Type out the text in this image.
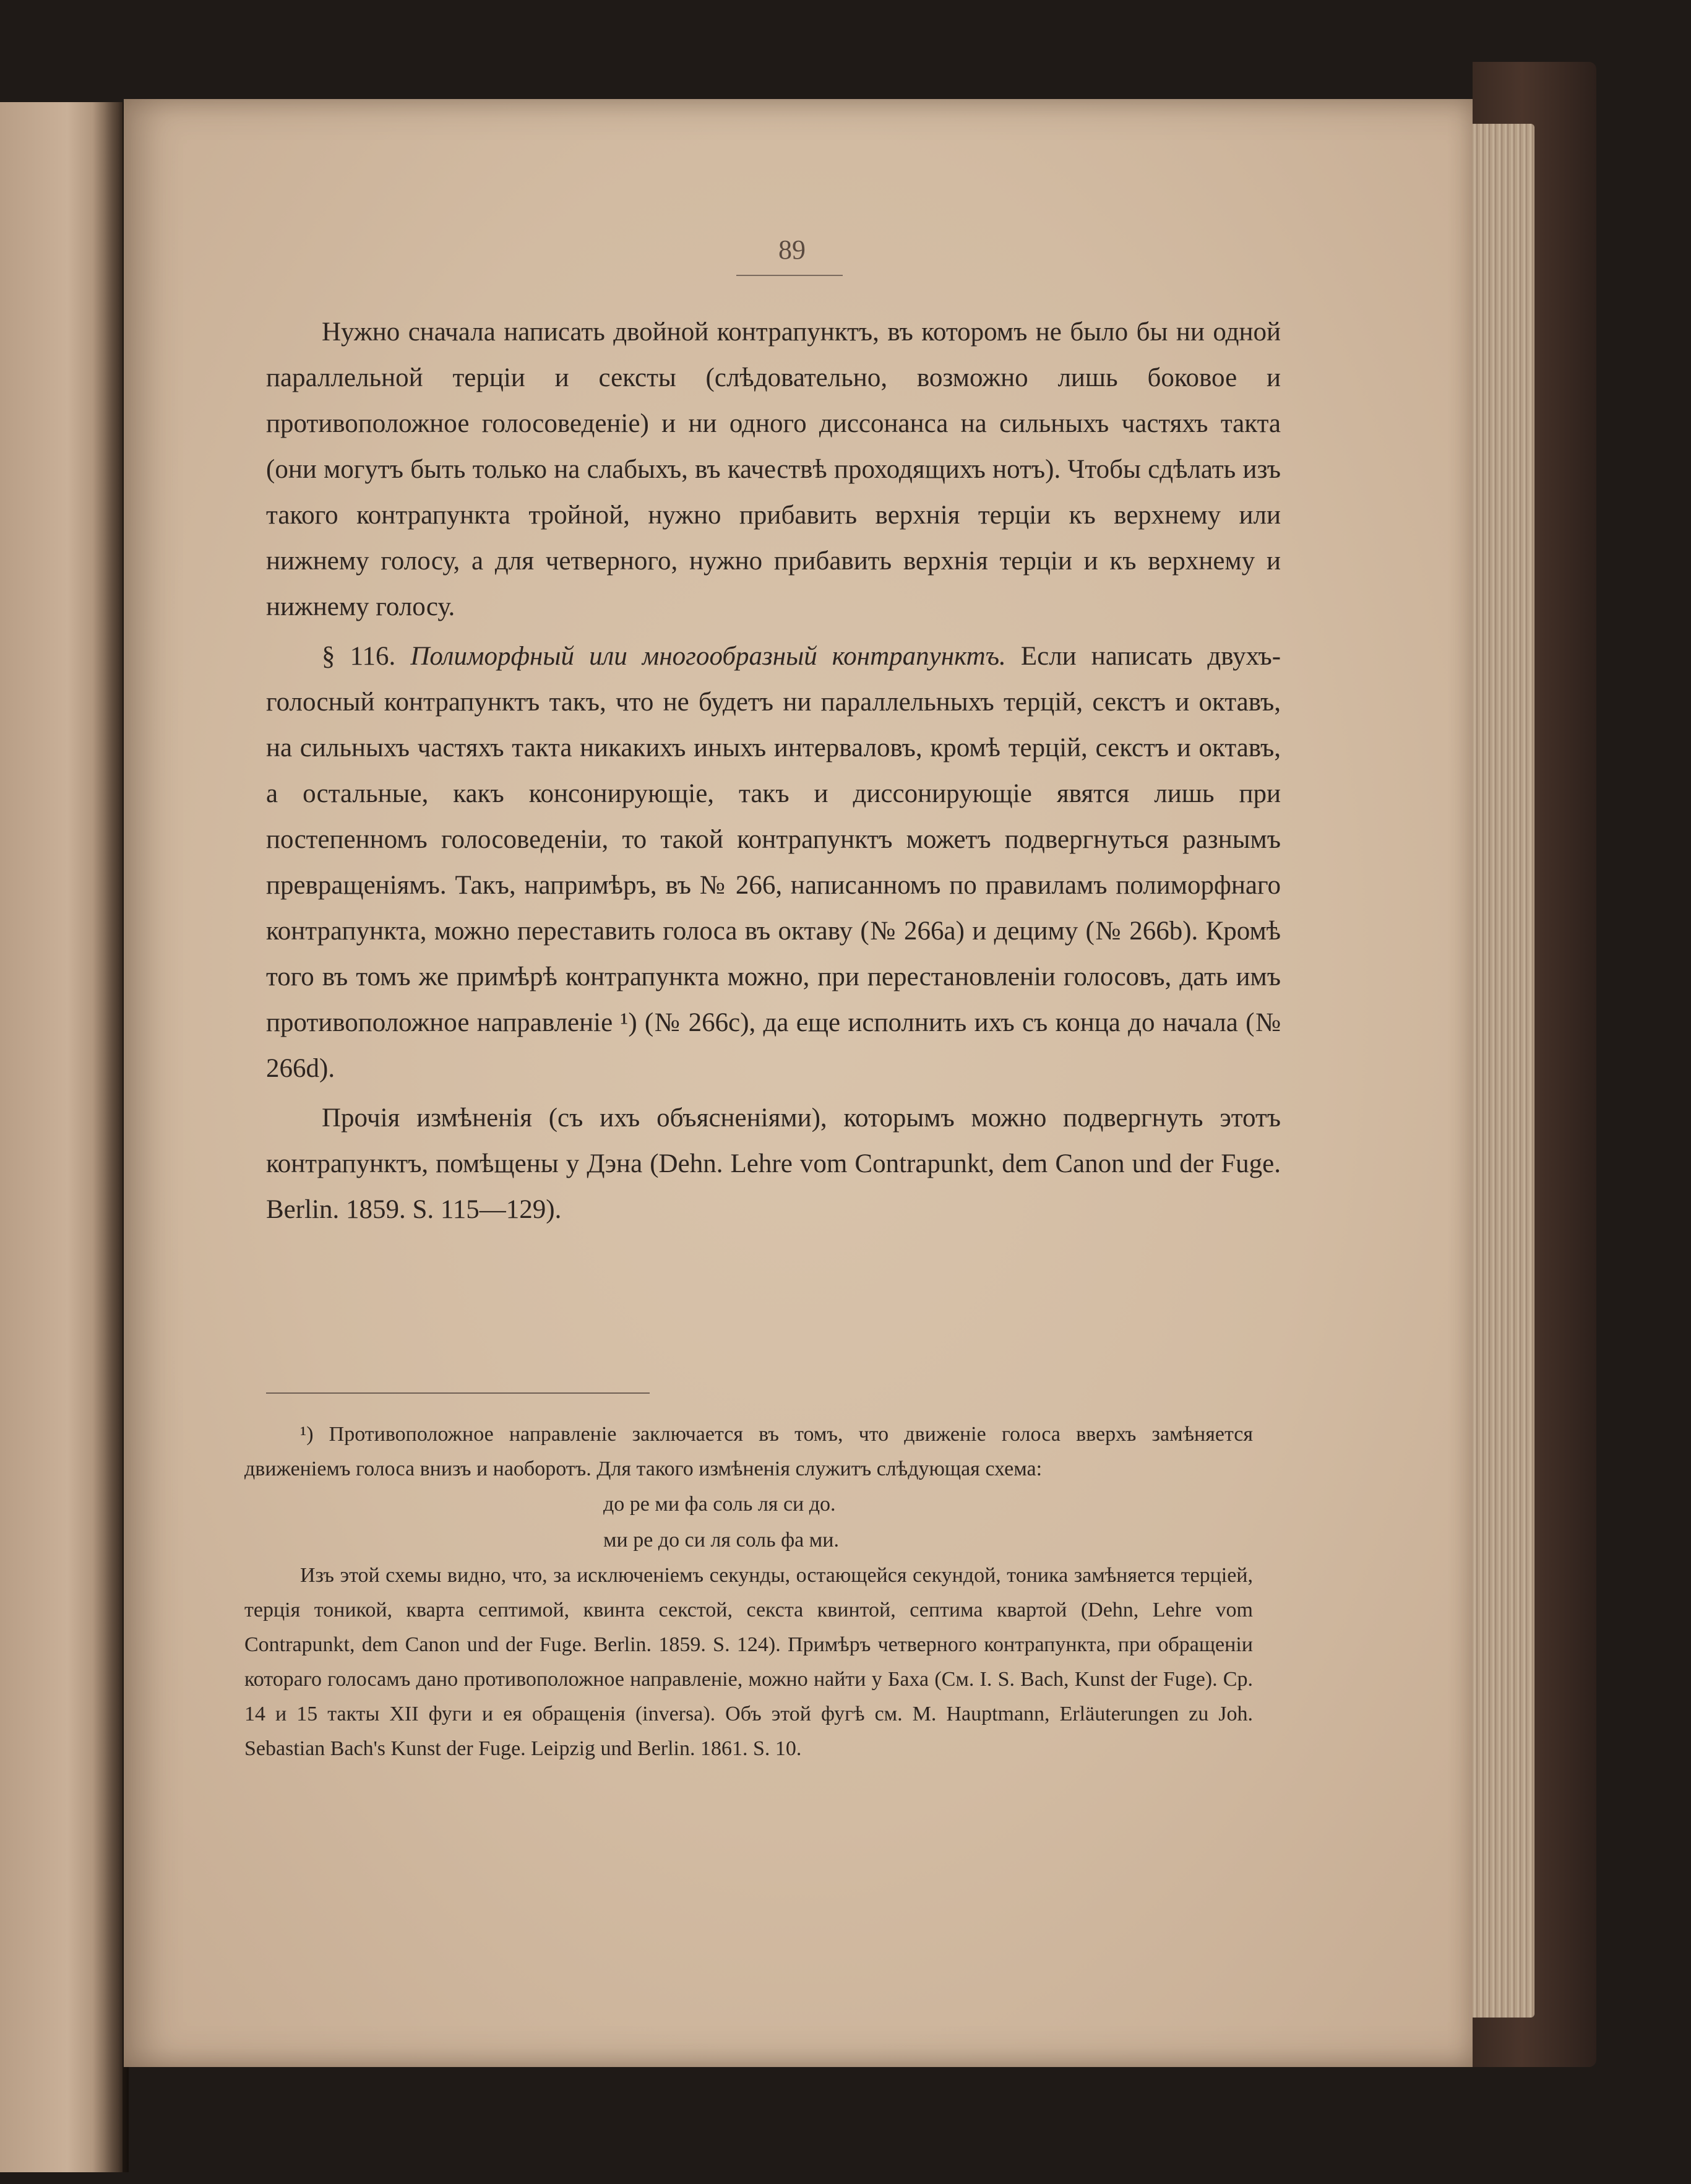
89

Нужно сначала написать двойной контрапунктъ, въ которомъ не было бы ни одной параллельной терціи и сексты (слѣдовательно, возможно лишь боковое и противоположное голосоведеніе) и ни одного диссонанса на сильныхъ частяхъ такта (они могутъ быть только на слабыхъ, въ качествѣ проходящихъ нотъ). Чтобы сдѣлать изъ такого контрапункта тройной, нужно прибавить верхнія терціи къ верхнему или нижнему голосу, а для четверного, нужно прибавить верхнія терціи и къ верхнему и нижнему голосу.

§ 116. Полиморфный или многообразный контрапунктъ. Если написать двухъ-голосный контрапунктъ такъ, что не будетъ ни параллельныхъ терцій, секстъ и октавъ, на сильныхъ частяхъ такта никакихъ иныхъ интерваловъ, кромѣ терцій, секстъ и октавъ, а остальные, какъ консонирующіе, такъ и диссонирующіе явятся лишь при постепенномъ голосоведеніи, то такой контрапунктъ можетъ подвергнуться разнымъ превращеніямъ. Такъ, напримѣръ, въ № 266, написанномъ по правиламъ полиморфнаго контрапункта, можно переставить голоса въ октаву (№ 266a) и дециму (№ 266b). Кромѣ того въ томъ же примѣрѣ контрапункта можно, при перестановленіи голосовъ, дать имъ противоположное направленіе ¹) (№ 266c), да еще исполнить ихъ съ конца до начала (№ 266d).

Прочія измѣненія (съ ихъ объясненіями), которымъ можно подвергнуть этотъ контрапунктъ, помѣщены у Дэна (Dehn. Lehre vom Contrapunkt, dem Canon und der Fuge. Berlin. 1859. S. 115—129).

¹) Противоположное направленіе заключается въ томъ, что движеніе голоса вверхъ замѣняется движеніемъ голоса внизъ и наоборотъ. Для такого измѣненія служитъ слѣдующая схема:

до ре ми фа соль ля си до.

ми ре до си ля соль фа ми.

Изъ этой схемы видно, что, за исключеніемъ секунды, остающейся секундой, тоника замѣняется терціей, терція тоникой, кварта септимой, квинта секстой, секста квинтой, септима квартой (Dehn, Lehre vom Contrapunkt, dem Canon und der Fuge. Berlin. 1859. S. 124). Примѣръ четверного контрапункта, при обращеніи котораго голосамъ дано противоположное направленіе, можно найти у Баха (См. I. S. Bach, Kunst der Fuge). Ср. 14 и 15 такты XII фуги и ея обращенія (inversa). Объ этой фугѣ см. M. Hauptmann, Erläuterungen zu Joh. Sebastian Bach's Kunst der Fuge. Leipzig und Berlin. 1861. S. 10.
